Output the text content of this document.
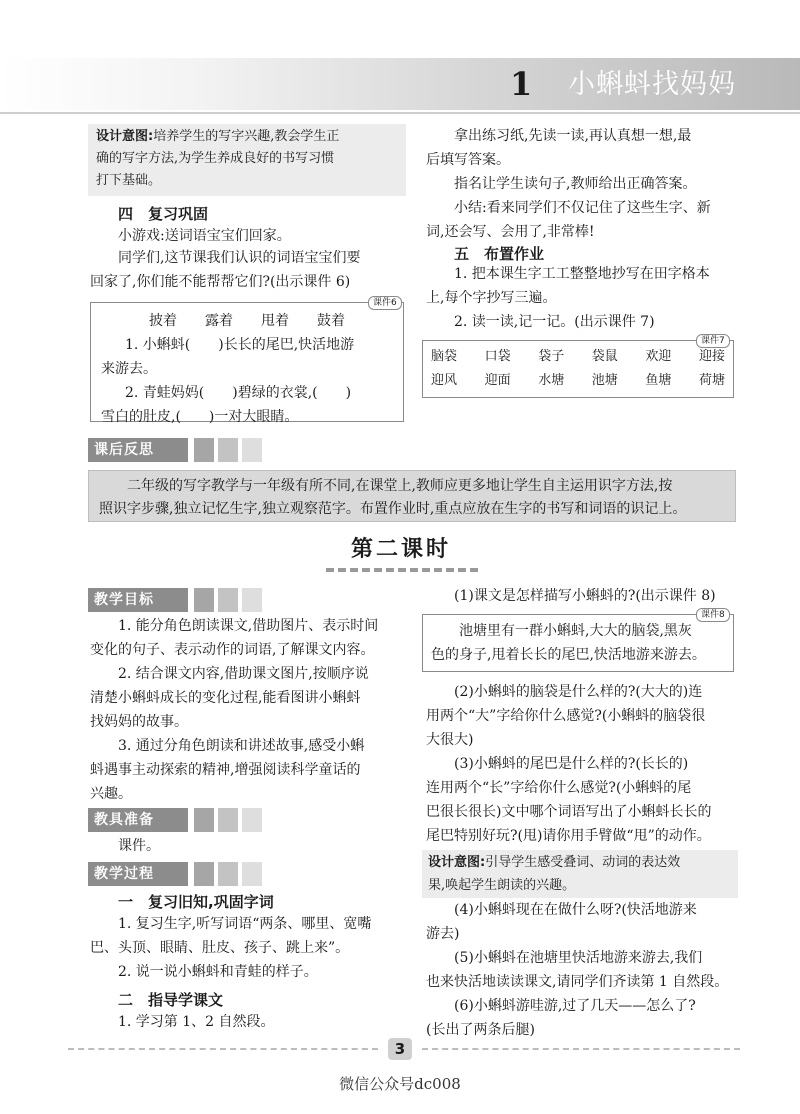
1 小蝌蚪找妈妈
设计意图:培养学生的写字兴趣,教会学生正
确的写字方法,为学生养成良好的书写习惯
打下基础。
四　复习巩固
小游戏:送词语宝宝们回家。
同学们,这节课我们认识的词语宝宝们要
回家了,你们能不能帮帮它们?(出示课件 6)
披着　　露着　　甩着　　鼓着
1. 小蝌蚪(　　)长长的尾巴,快活地游
来游去。
2. 青蛙妈妈(　　)碧绿的衣裳,(　　)
雪白的肚皮,(　　)一对大眼睛。
课件6
拿出练习纸,先读一读,再认真想一想,最
后填写答案。
指名让学生读句子,教师给出正确答案。
小结:看来同学们不仅记住了这些生字、新
词,还会写、会用了,非常棒!
五　布置作业
1. 把本课生字工工整整地抄写在田字格本
上,每个字抄写三遍。
2. 读一读,记一记。(出示课件 7)
脑袋 口袋 袋子 袋鼠 欢迎 迎接
迎风 迎面 水塘 池塘 鱼塘 荷塘
课件7
课后反思
二年级的写字教学与一年级有所不同,在课堂上,教师应更多地让学生自主运用识字方法,按
照识字步骤,独立记忆生字,独立观察范字。布置作业时,重点应放在生字的书写和词语的识记上。
第二课时
教学目标
1. 能分角色朗读课文,借助图片、表示时间
变化的句子、表示动作的词语,了解课文内容。
2. 结合课文内容,借助课文图片,按顺序说
清楚小蝌蚪成长的变化过程,能看图讲小蝌蚪
找妈妈的故事。
3. 通过分角色朗读和讲述故事,感受小蝌
蚪遇事主动探索的精神,增强阅读科学童话的
兴趣。
教具准备
课件。
教学过程
一　复习旧知,巩固字词
1. 复习生字,听写词语“两条、哪里、宽嘴
巴、头顶、眼睛、肚皮、孩子、跳上来”。
2. 说一说小蝌蚪和青蛙的样子。
二　指导学课文
1. 学习第 1、2 自然段。
(1)课文是怎样描写小蝌蚪的?(出示课件 8)
池塘里有一群小蝌蚪,大大的脑袋,黑灰
色的身子,甩着长长的尾巴,快活地游来游去。
课件8
(2)小蝌蚪的脑袋是什么样的?(大大的)连
用两个“大”字给你什么感觉?(小蝌蚪的脑袋很
大很大)
(3)小蝌蚪的尾巴是什么样的?(长长的)
连用两个“长”字给你什么感觉?(小蝌蚪的尾
巴很长很长)文中哪个词语写出了小蝌蚪长长的
尾巴特别好玩?(甩)请你用手臂做“甩”的动作。
设计意图:引导学生感受叠词、动词的表达效
果,唤起学生朗读的兴趣。
(4)小蝌蚪现在在做什么呀?(快活地游来
游去)
(5)小蝌蚪在池塘里快活地游来游去,我们
也来快活地读读课文,请同学们齐读第 1 自然段。
(6)小蝌蚪游哇游,过了几天——怎么了?
(长出了两条后腿)
3
微信公众号dc008
